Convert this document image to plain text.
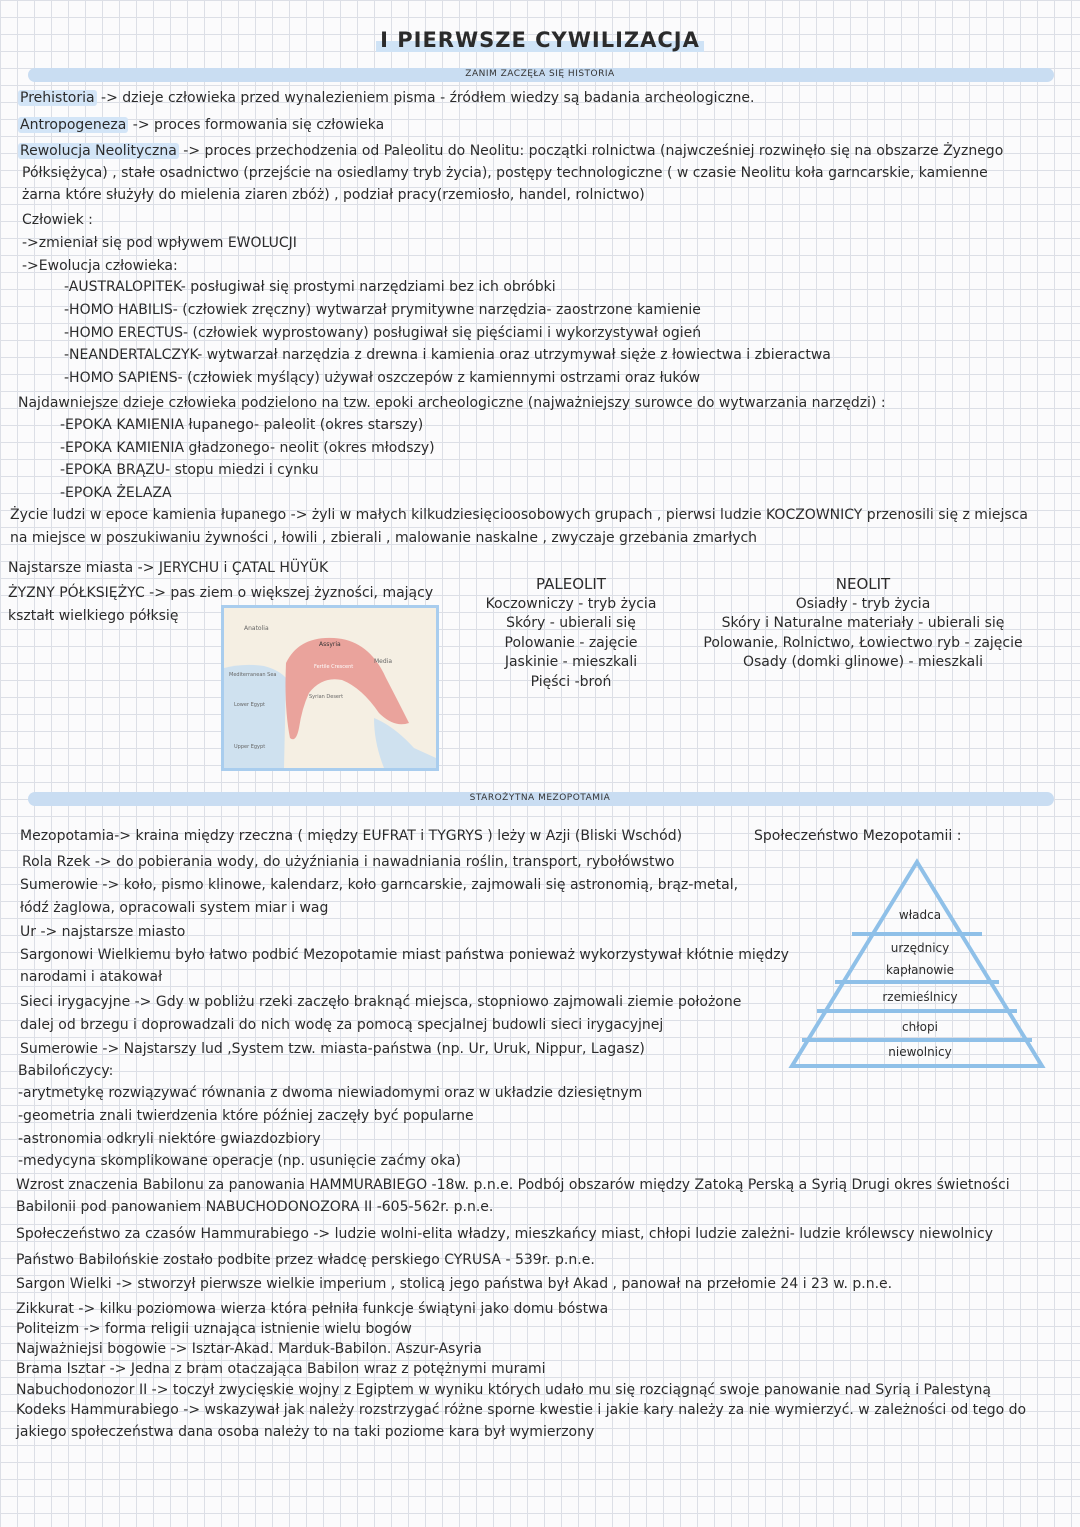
I PIERWSZE CYWILIZACJA
ZANIM ZACZĘŁA SIĘ HISTORIA
Prehistoria -> dzieje człowieka przed wynalezieniem pisma - źródłem wiedzy są badania archeologiczne.
Antropogeneza -> proces formowania się człowieka
Rewolucja Neolityczna -> proces przechodzenia od Paleolitu do Neolitu: początki rolnictwa (najwcześniej rozwinęło się na obszarze Żyznego
Półksiężyca) , stałe osadnictwo (przejście na osiedlamy tryb życia), postępy technologiczne ( w czasie Neolitu koła garncarskie, kamienne
żarna które służyły do mielenia ziaren zbóż) , podział pracy(rzemiosło, handel, rolnictwo)
Człowiek :
->zmieniał się pod wpływem EWOLUCJI
->Ewolucja człowieka:
-AUSTRALOPITEK- posługiwał się prostymi narzędziami bez ich obróbki
-HOMO HABILIS- (człowiek zręczny) wytwarzał prymitywne narzędzia- zaostrzone kamienie
-HOMO ERECTUS- (człowiek wyprostowany) posługiwał się pięściami i wykorzystywał ogień
-NEANDERTALCZYK- wytwarzał narzędzia z drewna i kamienia oraz utrzymywał sięże z łowiectwa i zbieractwa
-HOMO SAPIENS- (człowiek myślący) używał oszczepów z kamiennymi ostrzami oraz łuków
Najdawniejsze dzieje człowieka podzielono na tzw. epoki archeologiczne (najważniejszy surowce do wytwarzania narzędzi) :
-EPOKA KAMIENIA łupanego- paleolit (okres starszy)
-EPOKA KAMIENIA gładzonego- neolit (okres młodszy)
-EPOKA BRĄZU- stopu miedzi i cynku
-EPOKA ŻELAZA
Życie ludzi w epoce kamienia łupanego -> żyli w małych kilkudziesięcioosobowych grupach , pierwsi ludzie KOCZOWNICY przenosili się z miejsca
na miejsce w poszukiwaniu żywności , łowili , zbierali , malowanie naskalne , zwyczaje grzebania zmarłych
Najstarsze miasta -> JERYCHU i ÇATAL HÜYÜK
ŻYZNY PÓŁKSIĘŻYC -> pas ziem o większej żyzności, mający
kształt wielkiego półksię
Anatolia
Assyria
Media
Mediterranean Sea
Fertile Crescent
Syrian Desert
Lower Egypt
Upper Egypt
PALEOLIT
Koczowniczy - tryb życia
Skóry - ubierali się
Polowanie - zajęcie
Jaskinie - mieszkali
Pięści -broń
NEOLIT
Osiadły - tryb życia
Skóry i Naturalne materiały - ubierali się
Polowanie, Rolnictwo, Łowiectwo ryb - zajęcie
Osady (domki glinowe) - mieszkali
STAROŻYTNA MEZOPOTAMIA
Społeczeństwo Mezopotamii :
władca
urzędnicy
kapłanowie
rzemieślnicy
chłopi
niewolnicy
Mezopotamia-> kraina między rzeczna ( między EUFRAT i TYGRYS ) leży w Azji (Bliski Wschód)
Rola Rzek -> do pobierania wody, do użyźniania i nawadniania roślin, transport, rybołówstwo
Sumerowie -> koło, pismo klinowe, kalendarz, koło garncarskie, zajmowali się astronomią, brąz-metal,
łódź żaglowa, opracowali system miar i wag
Ur -> najstarsze miasto
Sargonowi Wielkiemu było łatwo podbić Mezopotamie miast państwa ponieważ wykorzystywał kłótnie między
narodami i atakował
Sieci irygacyjne -> Gdy w pobliżu rzeki zaczęło braknąć miejsca, stopniowo zajmowali ziemie położone
dalej od brzegu i doprowadzali do nich wodę za pomocą specjalnej budowli sieci irygacyjnej
Sumerowie -> Najstarszy lud ,System tzw. miasta-państwa (np. Ur, Uruk, Nippur, Lagasz)
Babilończycy:
-arytmetykę rozwiązywać równania z dwoma niewiadomymi oraz w układzie dziesiętnym
-geometria znali twierdzenia które później zaczęły być popularne
-astronomia odkryli niektóre gwiazdozbiory
-medycyna skomplikowane operacje (np. usunięcie zaćmy oka)
Wzrost znaczenia Babilonu za panowania HAMMURABIEGO -18w. p.n.e. Podbój obszarów między Zatoką Perską a Syrią Drugi okres świetności
Babilonii pod panowaniem NABUCHODONOZORA II -605-562r. p.n.e.
Społeczeństwo za czasów Hammurabiego -> ludzie wolni-elita władzy, mieszkańcy miast, chłopi ludzie zależni- ludzie królewscy niewolnicy
Państwo Babilońskie zostało podbite przez władcę perskiego CYRUSA - 539r. p.n.e.
Sargon Wielki -> stworzył pierwsze wielkie imperium , stolicą jego państwa był Akad , panował na przełomie 24 i 23 w. p.n.e.
Zikkurat -> kilku poziomowa wierza która pełniła funkcje świątyni jako domu bóstwa
Politeizm -> forma religii uznająca istnienie wielu bogów
Najważniejsi bogowie -> Isztar-Akad. Marduk-Babilon. Aszur-Asyria
Brama Isztar -> Jedna z bram otaczająca Babilon wraz z potężnymi murami
Nabuchodonozor II -> toczył zwycięskie wojny z Egiptem w wyniku których udało mu się rozciągnąć swoje panowanie nad Syrią i Palestyną
Kodeks Hammurabiego -> wskazywał jak należy rozstrzygać różne sporne kwestie i jakie kary należy za nie wymierzyć. w zależności od tego do
jakiego społeczeństwa dana osoba należy to na taki poziome kara był wymierzony
